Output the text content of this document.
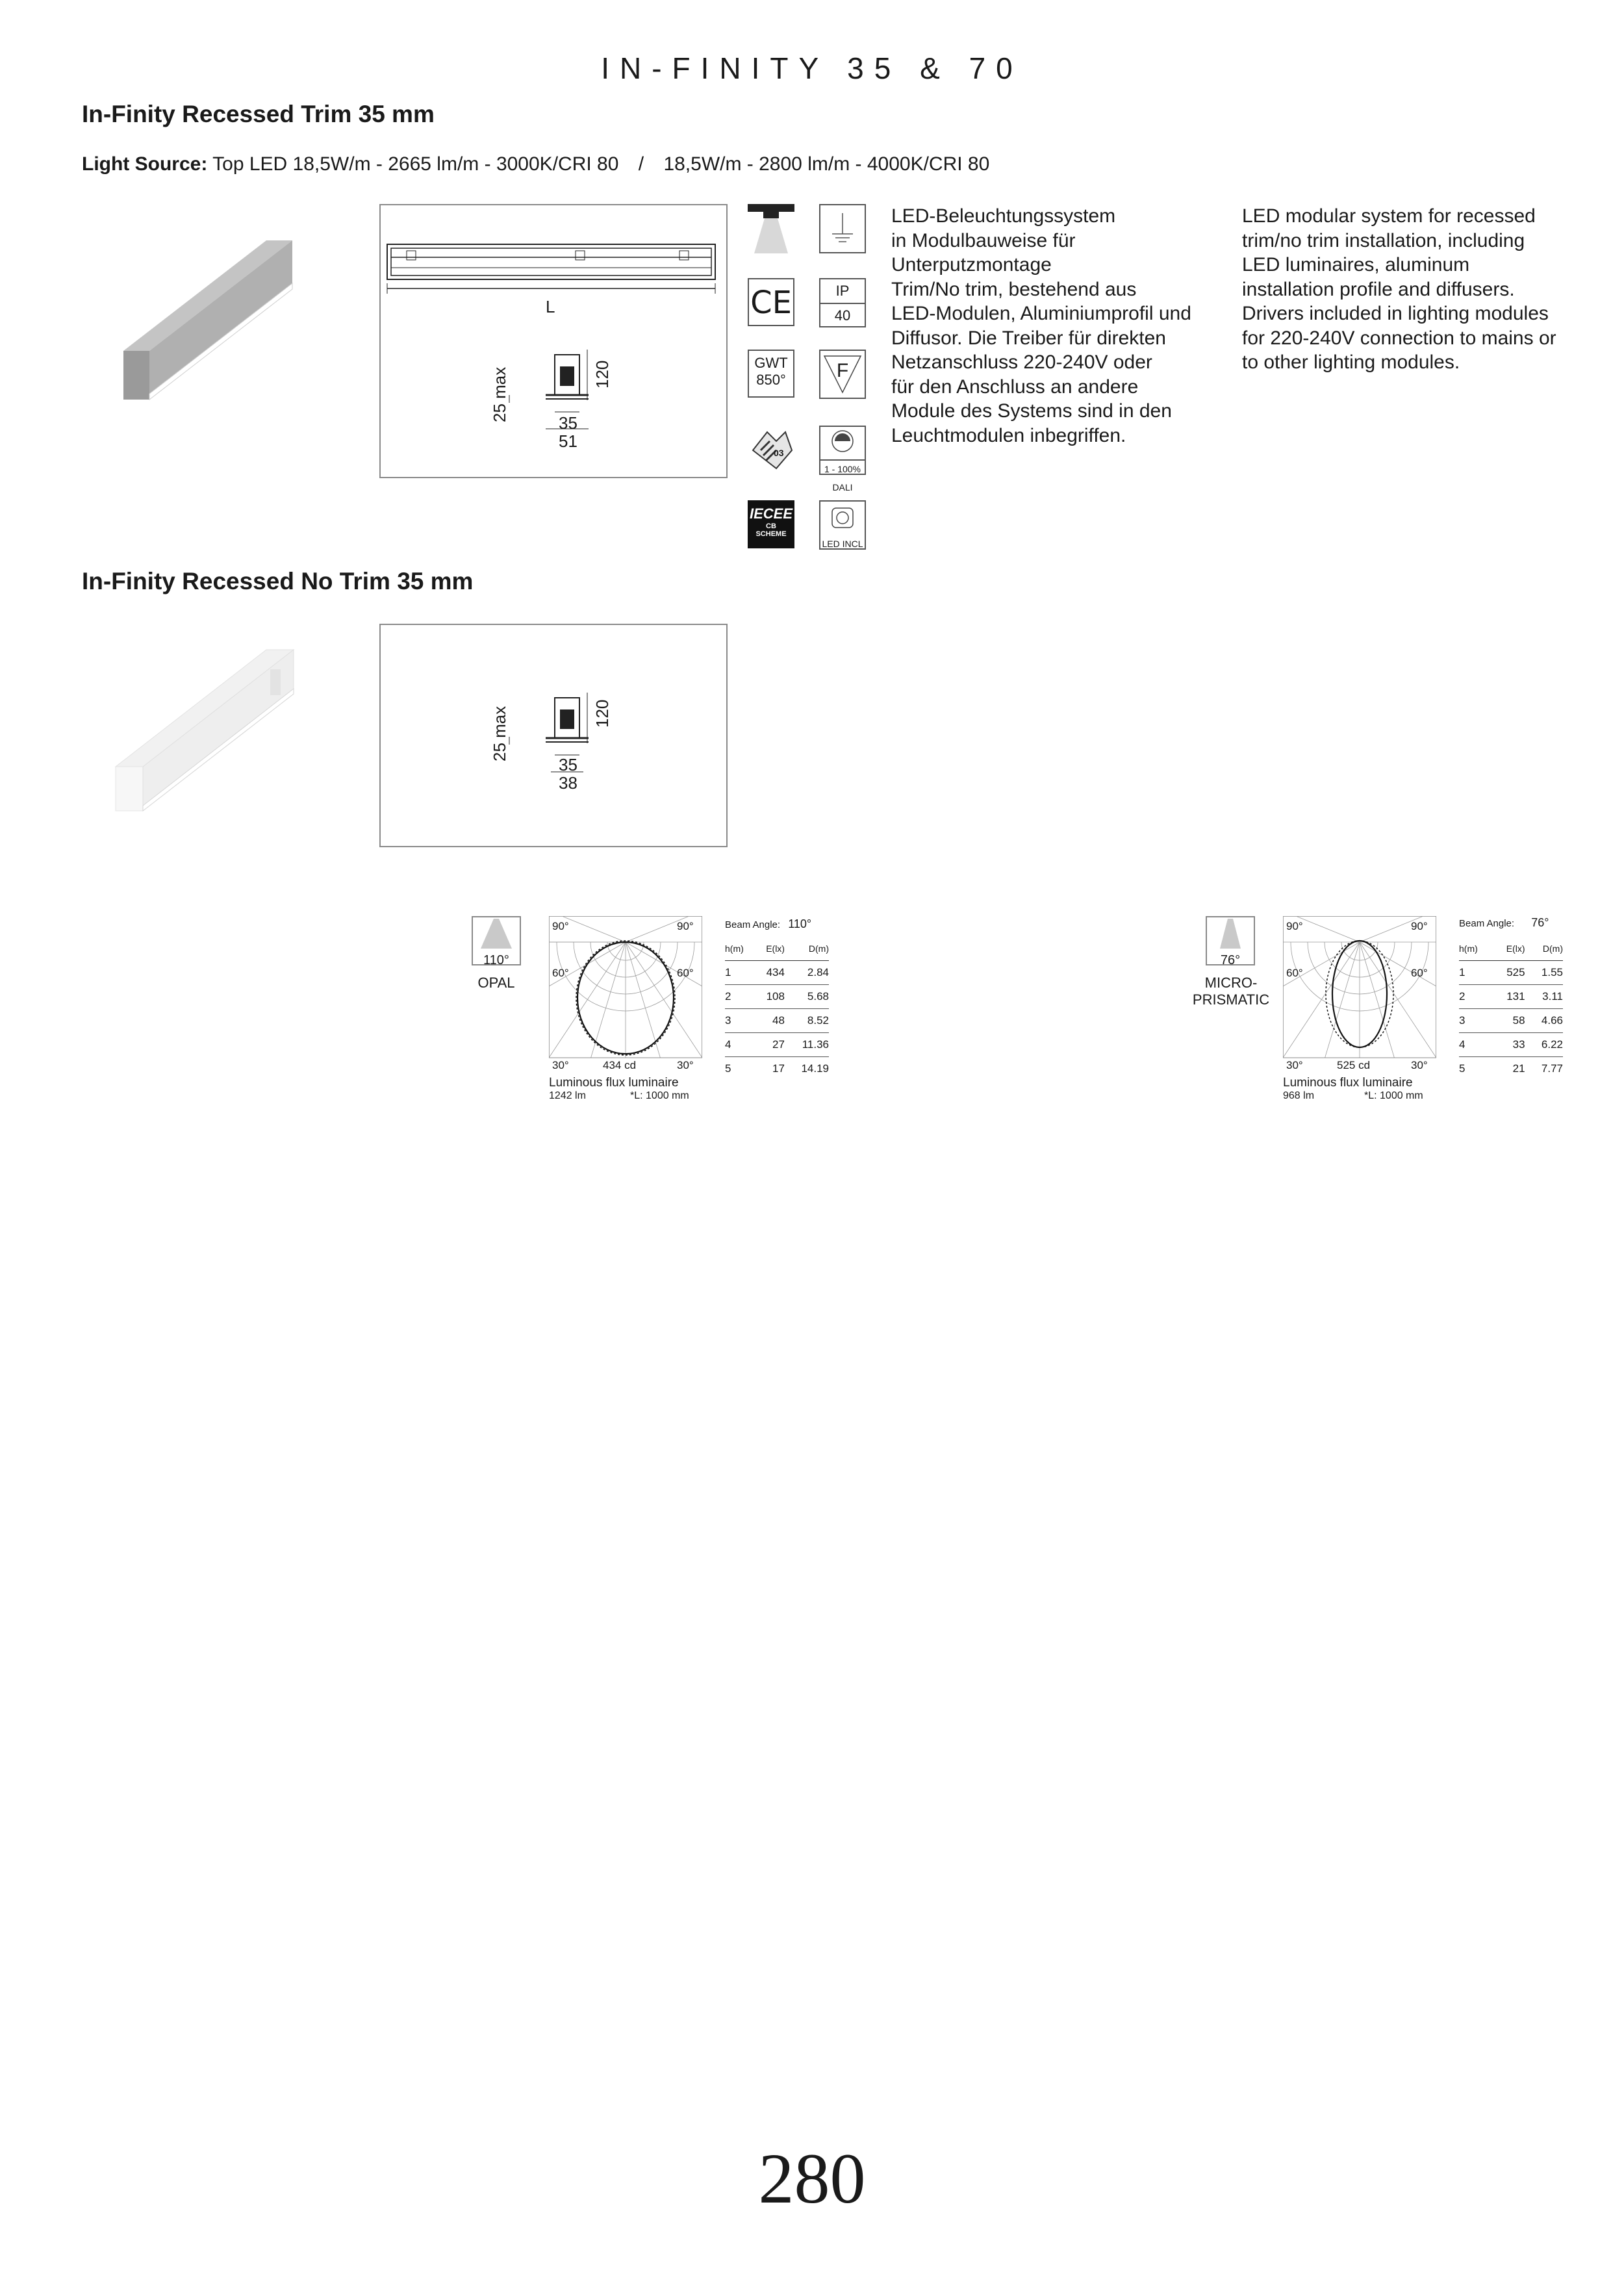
IN-FINITY 35 & 70
In-Finity Recessed Trim 35 mm
Light Source: Top LED 18,5W/m - 2665 lm/m - 3000K/CRI 80 / 18,5W/m - 2800 lm/m - 4000K/CRI 80
L
120
25 max
35
51
CE
GWT
850°
03
IECEE
CB
SCHEME
IP
40
F
1 - 100%
DALI
LED INCL
LED-Beleuchtungssystem
in Modulbauweise für
Unterputzmontage
Trim/No trim, bestehend aus
LED-Modulen, Aluminiumprofil und
Diffusor. Die Treiber für direkten
Netzanschluss 220-240V oder
für den Anschluss an andere
Module des Systems sind in den
Leuchtmodulen inbegriffen.
LED modular system for recessed
trim/no trim installation, including
LED luminaires, aluminum
installation profile and diffusers.
Drivers included in lighting modules
for 220-240V connection to mains or
to other lighting modules.
In-Finity Recessed No Trim 35 mm
120
25 max
35
38
110°
OPAL
90°	90°
60°	60°
30°	30°
434 cd
Luminous flux luminaire
1242 lm	*L: 1000 mm
Beam Angle: 110°
h(m)	E(lx)	D(m)
1	434	2.84
2	108	5.68
3	48	8.52
4	27	11.36
5	17	14.19
76°
MICRO-
PRISMATIC
90°	90°
60°	60°
30°	30°
525 cd
Luminous flux luminaire
968 lm	*L: 1000 mm
Beam Angle: 76°
h(m)	E(lx)	D(m)
1	525	1.55
2	131	3.11
3	58	4.66
4	33	6.22
5	21	7.77
280
